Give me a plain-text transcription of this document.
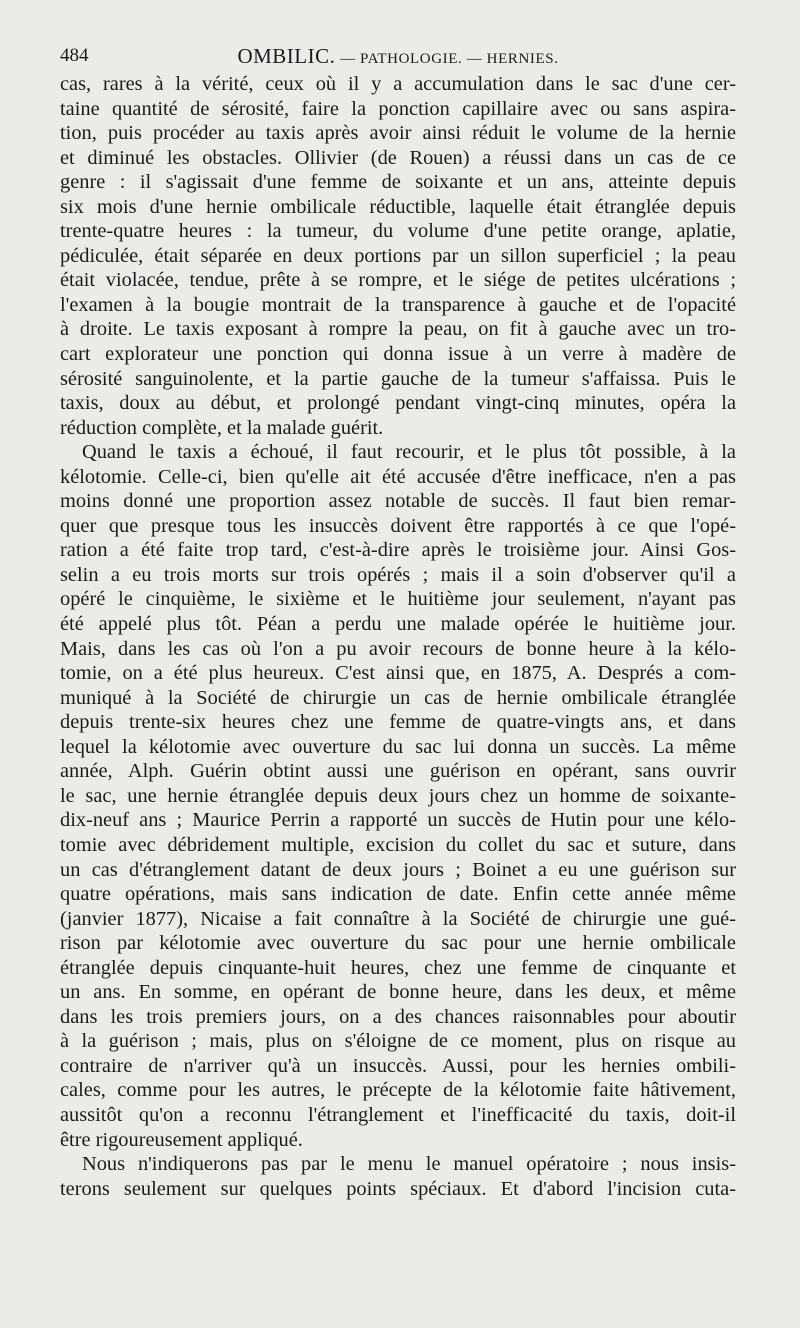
484	OMBILIC. — PATHOLOGIE. — HERNIES.
cas, rares à la vérité, ceux où il y a accumulation dans le sac d'une cer-
taine quantité de sérosité, faire la ponction capillaire avec ou sans aspira-
tion, puis procéder au taxis après avoir ainsi réduit le volume de la hernie
et diminué les obstacles. Ollivier (de Rouen) a réussi dans un cas de ce
genre : il s'agissait d'une femme de soixante et un ans, atteinte depuis
six mois d'une hernie ombilicale réductible, laquelle était étranglée depuis
trente-quatre heures : la tumeur, du volume d'une petite orange, aplatie,
pédiculée, était séparée en deux portions par un sillon superficiel ; la peau
était violacée, tendue, prête à se rompre, et le siége de petites ulcérations ;
l'examen à la bougie montrait de la transparence à gauche et de l'opacité
à droite. Le taxis exposant à rompre la peau, on fit à gauche avec un tro-
cart explorateur une ponction qui donna issue à un verre à madère de
sérosité sanguinolente, et la partie gauche de la tumeur s'affaissa. Puis le
taxis, doux au début, et prolongé pendant vingt-cinq minutes, opéra la
réduction complète, et la malade guérit.
Quand le taxis a échoué, il faut recourir, et le plus tôt possible, à la
kélotomie. Celle-ci, bien qu'elle ait été accusée d'être inefficace, n'en a pas
moins donné une proportion assez notable de succès. Il faut bien remar-
quer que presque tous les insuccès doivent être rapportés à ce que l'opé-
ration a été faite trop tard, c'est-à-dire après le troisième jour. Ainsi Gos-
selin a eu trois morts sur trois opérés ; mais il a soin d'observer qu'il a
opéré le cinquième, le sixième et le huitième jour seulement, n'ayant pas
été appelé plus tôt. Péan a perdu une malade opérée le huitième jour.
Mais, dans les cas où l'on a pu avoir recours de bonne heure à la kélo-
tomie, on a été plus heureux. C'est ainsi que, en 1875, A. Després a com-
muniqué à la Société de chirurgie un cas de hernie ombilicale étranglée
depuis trente-six heures chez une femme de quatre-vingts ans, et dans
lequel la kélotomie avec ouverture du sac lui donna un succès. La même
année, Alph. Guérin obtint aussi une guérison en opérant, sans ouvrir
le sac, une hernie étranglée depuis deux jours chez un homme de soixante-
dix-neuf ans ; Maurice Perrin a rapporté un succès de Hutin pour une kélo-
tomie avec débridement multiple, excision du collet du sac et suture, dans
un cas d'étranglement datant de deux jours ; Boinet a eu une guérison sur
quatre opérations, mais sans indication de date. Enfin cette année même
(janvier 1877), Nicaise a fait connaître à la Société de chirurgie une gué-
rison par kélotomie avec ouverture du sac pour une hernie ombilicale
étranglée depuis cinquante-huit heures, chez une femme de cinquante et
un ans. En somme, en opérant de bonne heure, dans les deux, et même
dans les trois premiers jours, on a des chances raisonnables pour aboutir
à la guérison ; mais, plus on s'éloigne de ce moment, plus on risque au
contraire de n'arriver qu'à un insuccès. Aussi, pour les hernies ombili-
cales, comme pour les autres, le précepte de la kélotomie faite hâtivement,
aussitôt qu'on a reconnu l'étranglement et l'inefficacité du taxis, doit-il
être rigoureusement appliqué.
Nous n'indiquerons pas par le menu le manuel opératoire ; nous insis-
terons seulement sur quelques points spéciaux. Et d'abord l'incision cuta-
